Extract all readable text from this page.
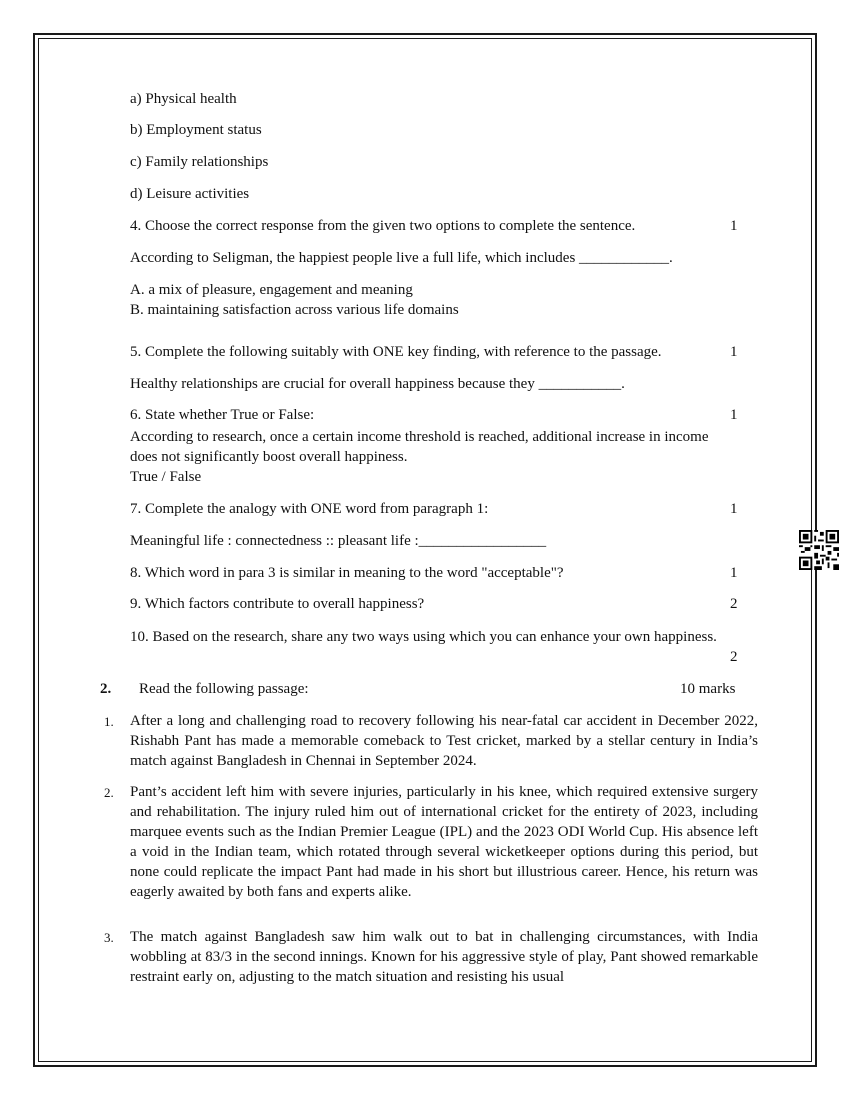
a) Physical health
b) Employment status
c) Family relationships
d) Leisure activities
4. Choose the correct response from the given two options to complete the sentence.	1
According to Seligman, the happiest people live a full life, which includes ____________.
A. a mix of pleasure, engagement and meaning
B. maintaining satisfaction across various life domains
5. Complete the following suitably with ONE key finding, with reference to the passage.	1
Healthy relationships are crucial for overall happiness because they ___________.
6. State whether True or False:	1
According to research, once a certain income threshold is reached, additional increase in income does not significantly boost overall happiness.
True / False
7. Complete the analogy with ONE word from paragraph 1:	1
Meaningful life : connectedness :: pleasant life :_________________
8. Which word in para 3 is similar in meaning to the word "acceptable"?	1
9. Which factors contribute to overall happiness?	2
10. Based on the research, share any two ways using which you can enhance your own happiness.
2
2. Read the following passage:	10 marks
1. After a long and challenging road to recovery following his near-fatal car accident in December 2022, Rishabh Pant has made a memorable comeback to Test cricket, marked by a stellar century in India’s match against Bangladesh in Chennai in September 2024.
2. Pant’s accident left him with severe injuries, particularly in his knee, which required extensive surgery and rehabilitation. The injury ruled him out of international cricket for the entirety of 2023, including marquee events such as the Indian Premier League (IPL) and the 2023 ODI World Cup. His absence left a void in the Indian team, which rotated through several wicketkeeper options during this period, but none could replicate the impact Pant had made in his short but illustrious career. Hence, his return was eagerly awaited by both fans and experts alike.
3. The match against Bangladesh saw him walk out to bat in challenging circumstances, with India wobbling at 83/3 in the second innings. Known for his aggressive style of play, Pant showed remarkable restraint early on, adjusting to the match situation and resisting his usual
